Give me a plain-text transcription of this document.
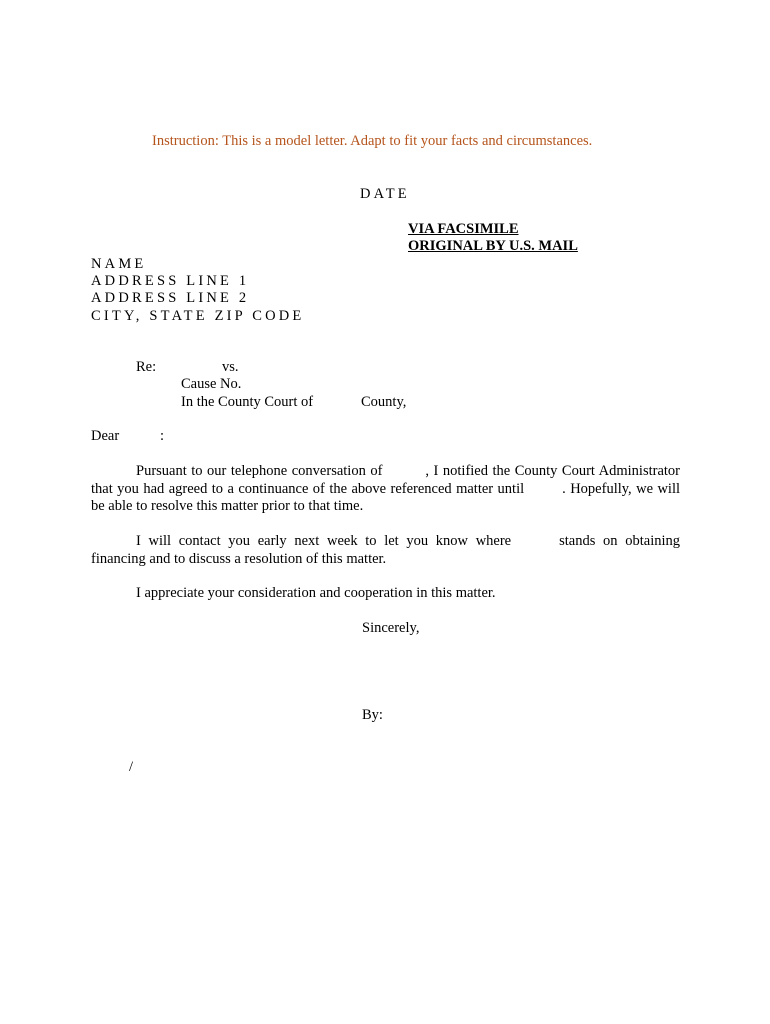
Instruction: This is a model letter. Adapt to fit your facts and circumstances.
DATE
VIA FACSIMILE
ORIGINAL BY U.S. MAIL
NAME
ADDRESS LINE 1
ADDRESS LINE 2
CITY, STATE ZIP CODE
Re:	vs.
Cause No.
In the County Court of	County,
Dear	:
Pursuant to our telephone conversation of	, I notified the County Court Administrator that you had agreed to a continuance of the above referenced matter until	. Hopefully, we will be able to resolve this matter prior to that time.
I will contact you early next week to let you know where	stands on obtaining financing and to discuss a resolution of this matter.
I appreciate your consideration and cooperation in this matter.
Sincerely,
By:
/
